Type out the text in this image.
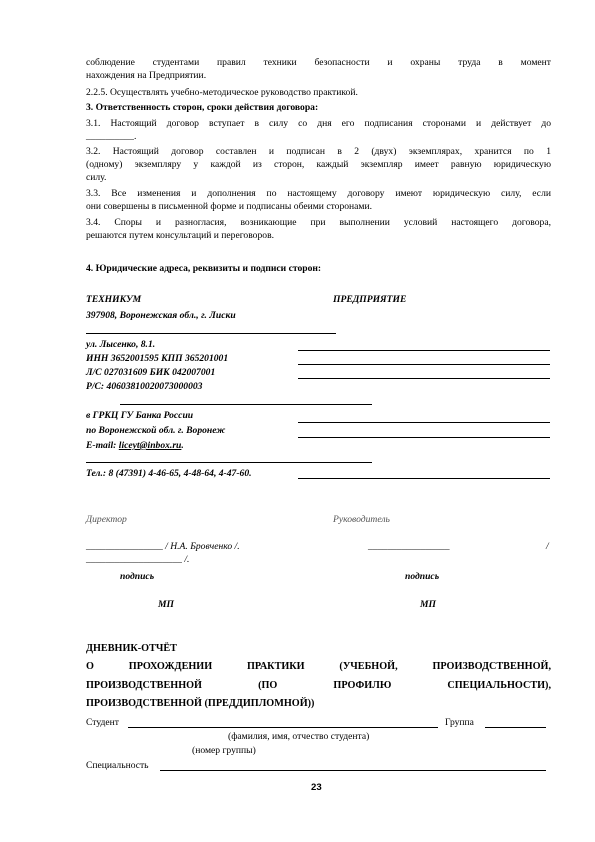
соблюдение студентами правил техники безопасности и охраны труда в момент
нахождения на Предприятии.
2.2.5. Осуществлять учебно-методическое руководство практикой.
3. Ответственность сторон, сроки действия договора:
3.1. Настоящий договор вступает в силу со дня его подписания сторонами и действует до
__________.
3.2. Настоящий договор составлен и подписан в 2 (двух) экземплярах, хранится по 1
(одному) экземпляру у каждой из сторон, каждый экземпляр имеет равную юридическую
силу.
3.3. Все изменения и дополнения по настоящему договору имеют юридическую силу, если
они совершены в письменной форме и подписаны обеими сторонами.
3.4. Споры и разногласия, возникающие при выполнении условий настоящего договора,
решаются путем консультаций и переговоров.
4. Юридические адреса, реквизиты и подписи сторон:
ТЕХНИКУМ	ПРЕДПРИЯТИЕ
397908, Воронежская обл., г. Лиски
ул. Лысенко, 8.1.
ИНН 3652001595 КПП 365201001
Л/С 027031609 БИК 042007001
Р/С: 40603810020073000003
в ГРКЦ ГУ Банка России
по Воронежской обл. г. Воронеж
E-mail: liceyt@inbox.ru.
Тел.: 8 (47391) 4-46-65, 4-48-64, 4-47-60.
Директор	Руководитель
________________ / Н.А. Бровченко /.	_________________	/
____________________ /.
подпись	подпись
МП	МП
ДНЕВНИК-ОТЧЁТ
О ПРОХОЖДЕНИИ ПРАКТИКИ (УЧЕБНОЙ, ПРОИЗВОДСТВЕННОЙ,
ПРОИЗВОДСТВЕННОЙ (ПО ПРОФИЛЮ СПЕЦИАЛЬНОСТИ),
ПРОИЗВОДСТВЕННОЙ (ПРЕДДИПЛОМНОЙ))
Студент	Группа
(фамилия, имя, отчество студента)
(номер группы)
Специальность
23
